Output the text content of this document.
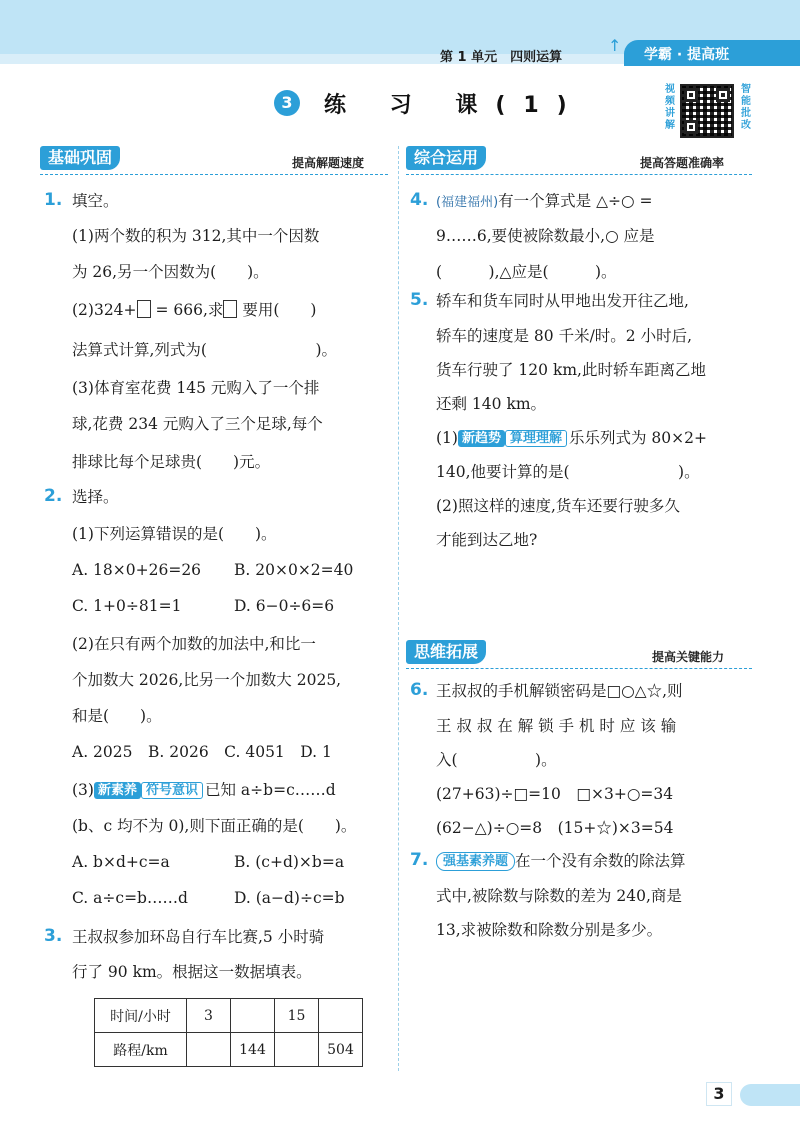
第 1 单元　四则运算
↑	学霸 · 提高班
3	练 习 课(1)
视频讲解
智能批改
基础巩固	提高解题速度
1. 填空。
(1)两个数的积为 312,其中一个因数
为 26,另一个因数为(　　)。
(2)324+ = 666,求 要用(　　)
法算式计算,列式为(　　　　　　　)。
(3)体育室花费 145 元购入了一个排
球,花费 234 元购入了三个足球,每个
排球比每个足球贵(　　)元。
2. 选择。
(1)下列运算错误的是(　　)。
A. 18×0+26=26 B. 20×0×2=40
C. 1+0÷81=1	D. 6−0÷6=6
(2)在只有两个加数的加法中,和比一
个加数大 2026,比另一个加数大 2025,
和是(　　)。
A. 2025　B. 2026　C. 4051　D. 1
(3) 新素养 符号意识 已知 a÷b=c……d
(b、c 均不为 0),则下面正确的是(　　)。
A. b×d+c=a	B. (c+d)×b=a
C. a÷c=b……d	D. (a−d)÷c=b
3. 王叔叔参加环岛自行车比赛,5 小时骑
行了 90 km。根据这一数据填表。
时间/小时	3		15	
路程/km		144		504
综合运用	提高答题准确率
4. (福建福州)有一个算式是 △÷○ =
9……6,要使被除数最小,○ 应是
(　　　),△应是(　　　)。
5. 轿车和货车同时从甲地出发开往乙地,
轿车的速度是 80 千米/时。2 小时后,
货车行驶了 120 km,此时轿车距离乙地
还剩 140 km。
(1) 新趋势 算理理解 乐乐列式为 80×2+
140,他要计算的是(　　　　　　　)。
(2)照这样的速度,货车还要行驶多久
才能到达乙地?
思维拓展	提高关键能力
6. 王叔叔的手机解锁密码是□○△☆,则
王 叔 叔 在 解 锁 手 机 时 应 该 输
入(　　　　　)。
(27+63)÷□=10　□×3+○=34
(62−△)÷○=8　(15+☆)×3=54
7.	强基素养题 在一个没有余数的除法算
式中,被除数与除数的差为 240,商是
13,求被除数和除数分别是多少。
3
